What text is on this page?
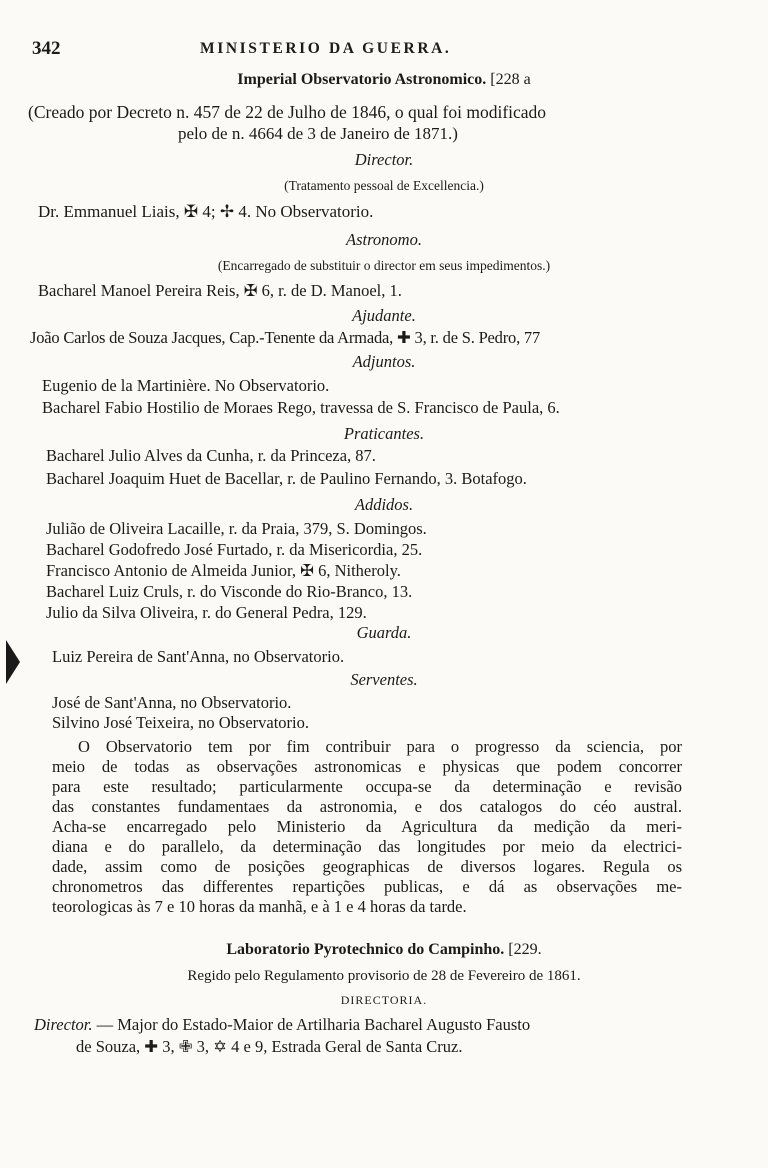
342	MINISTERIO DA GUERRA.
Imperial Observatorio Astronomico. [228 a
(Creado por Decreto n. 457 de 22 de Julho de 1846, o qual foi modificado
pelo de n. 4664 de 3 de Janeiro de 1871.)
Director.
(Tratamento pessoal de Excellencia.)
Dr. Emmanuel Liais, ✠ 4; ✢ 4. No Observatorio.
Astronomo.
(Encarregado de substituir o director em seus impedimentos.)
Bacharel Manoel Pereira Reis, ✠ 6, r. de D. Manoel, 1.
Ajudante.
João Carlos de Souza Jacques, Cap.-Tenente da Armada, ✚ 3, r. de S. Pedro, 77
Adjuntos.
Eugenio de la Martinière. No Observatorio.
Bacharel Fabio Hostilio de Moraes Rego, travessa de S. Francisco de Paula, 6.
Praticantes.
Bacharel Julio Alves da Cunha, r. da Princeza, 87.
Bacharel Joaquim Huet de Bacellar, r. de Paulino Fernando, 3. Botafogo.
Addidos.
Julião de Oliveira Lacaille, r. da Praia, 379, S. Domingos.
Bacharel Godofredo José Furtado, r. da Misericordia, 25.
Francisco Antonio de Almeida Junior, ✠ 6, Nitheroly.
Bacharel Luiz Cruls, r. do Visconde do Rio-Branco, 13.
Julio da Silva Oliveira, r. do General Pedra, 129.
Guarda.
Luiz Pereira de Sant'Anna, no Observatorio.
Serventes.
José de Sant'Anna, no Observatorio.
Silvino José Teixeira, no Observatorio.
O Observatorio tem por fim contribuir para o progresso da sciencia, por
meio de todas as observações astronomicas e physicas que podem concorrer
para este resultado; particularmente occupa-se da determinação e revisão
das constantes fundamentaes da astronomia, e dos catalogos do céo austral.
Acha-se encarregado pelo Ministerio da Agricultura da medição da meri-
diana e do parallelo, da determinação das longitudes por meio da electrici-
dade, assim como de posições geographicas de diversos logares. Regula os
chronometros das differentes repartições publicas, e dá as observações me-
teorologicas às 7 e 10 horas da manhã, e à 1 e 4 horas da tarde.
Laboratorio Pyrotechnico do Campinho. [229.
Regido pelo Regulamento provisorio de 28 de Fevereiro de 1861.
DIRECTORIA.
Director. — Major do Estado-Maior de Artilharia Bacharel Augusto Fausto
de Souza, ✚ 3, ✙ 3, ✡ 4 e 9, Estrada Geral de Santa Cruz.
